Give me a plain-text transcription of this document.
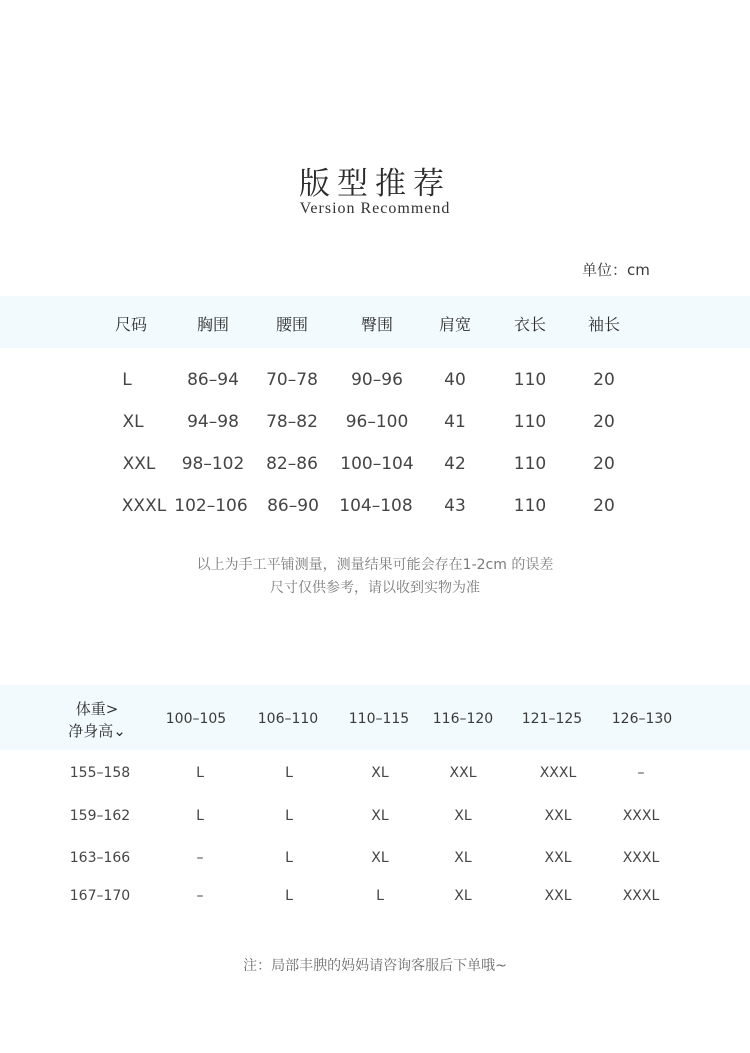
版型推荐
Version Recommend
单位：cm
尺码	胸围	腰围	臀围	肩宽	衣长	袖长
L	86–94 70–78 90–96 40	110	20
XL	94–98 78–82 96–100 41	110	20
XXL 98–102 82–86 100–104 42	110	20
XXXL 102–106 86–90 104–108 43	110	20
以上为手工平铺测量，测量结果可能会存在1-2cm 的误差
尺寸仅供参考，请以收到实物为准
体重>
净身高⌄
100–105 106–110 110–115 116–120 121–125 126–130
155–158	L	L	XL	XXL	XXXL	–
159–162	L	L	XL	XL	XXL	XXXL
163–166	–	L	XL	XL	XXL	XXXL
167–170	–	L	L	XL	XXL	XXXL
注：局部丰腴的妈妈请咨询客服后下单哦~
